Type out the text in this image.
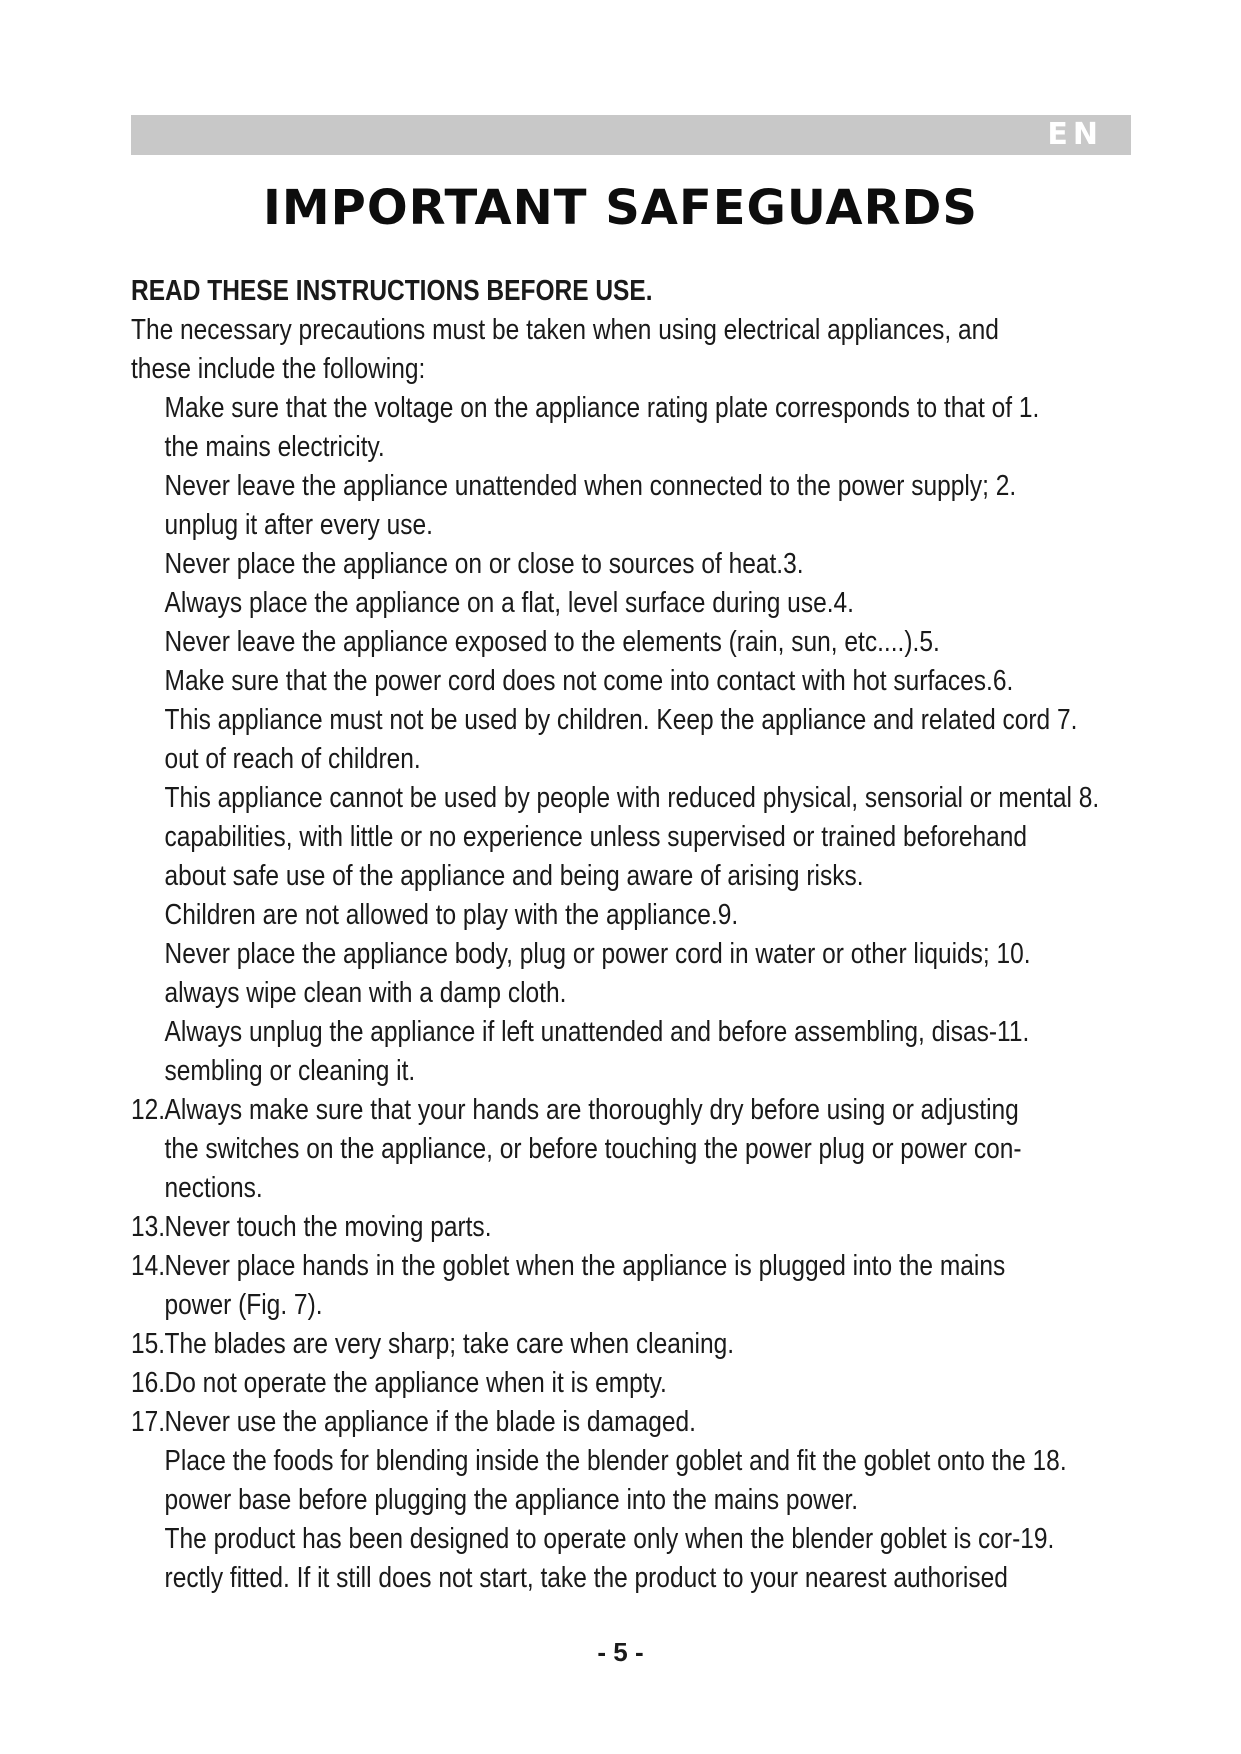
EN
IMPORTANT SAFEGUARDS

READ THESE INSTRUCTIONS BEFORE USE.

The necessary precautions must be taken when using electrical appliances, and
these include the following:

Make sure that the voltage on the appliance rating plate corresponds to that of 1.
the mains electricity.

Never leave the appliance unattended when connected to the power supply; 2.
unplug it after every use.

Never place the appliance on or close to sources of heat.3.

Always place the appliance on a flat, level surface during use.4.

Never leave the appliance exposed to the elements (rain, sun, etc....).5.

Make sure that the power cord does not come into contact with hot surfaces.6.

This appliance must not be used by children. Keep the appliance and related cord 7.
out of reach of children.

This appliance cannot be used by people with reduced physical, sensorial or mental 8.
capabilities, with little or no experience unless supervised or trained beforehand
about safe use of the appliance and being aware of arising risks.

Children are not allowed to play with the appliance.9.

Never place the appliance body, plug or power cord in water or other liquids; 10.
always wipe clean with a damp cloth.

Always unplug the appliance if left unattended and before assembling, disas-11.
sembling or cleaning it.

12. Always make sure that your hands are thoroughly dry before using or adjusting
the switches on the appliance, or before touching the power plug or power con-
nections.

13. Never touch the moving parts.

14. Never place hands in the goblet when the appliance is plugged into the mains
power (Fig. 7).

15. The blades are very sharp; take care when cleaning.

16. Do not operate the appliance when it is empty.

17. Never use the appliance if the blade is damaged.

Place the foods for blending inside the blender goblet and fit the goblet onto the 18.
power base before plugging the appliance into the mains power.

The product has been designed to operate only when the blender goblet is cor-19.
rectly fitted. If it still does not start, take the product to your nearest authorised

- 5 -
